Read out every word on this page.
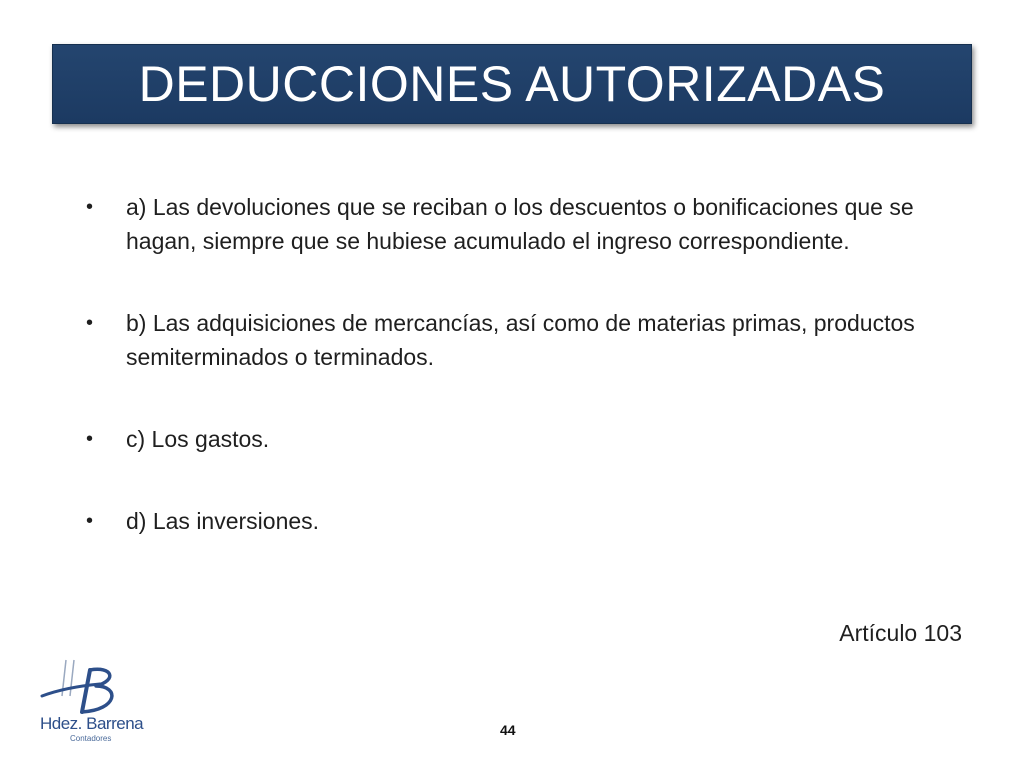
DEDUCCIONES AUTORIZADAS
• a) Las devoluciones que se reciban o los descuentos o bonificaciones que se hagan, siempre que se hubiese acumulado el ingreso correspondiente.
• b) Las adquisiciones de mercancías, así como de materias primas, productos semiterminados o terminados.
• c) Los gastos.
• d) Las inversiones.
Artículo 103
Hdez. Barrena
Contadores
44
